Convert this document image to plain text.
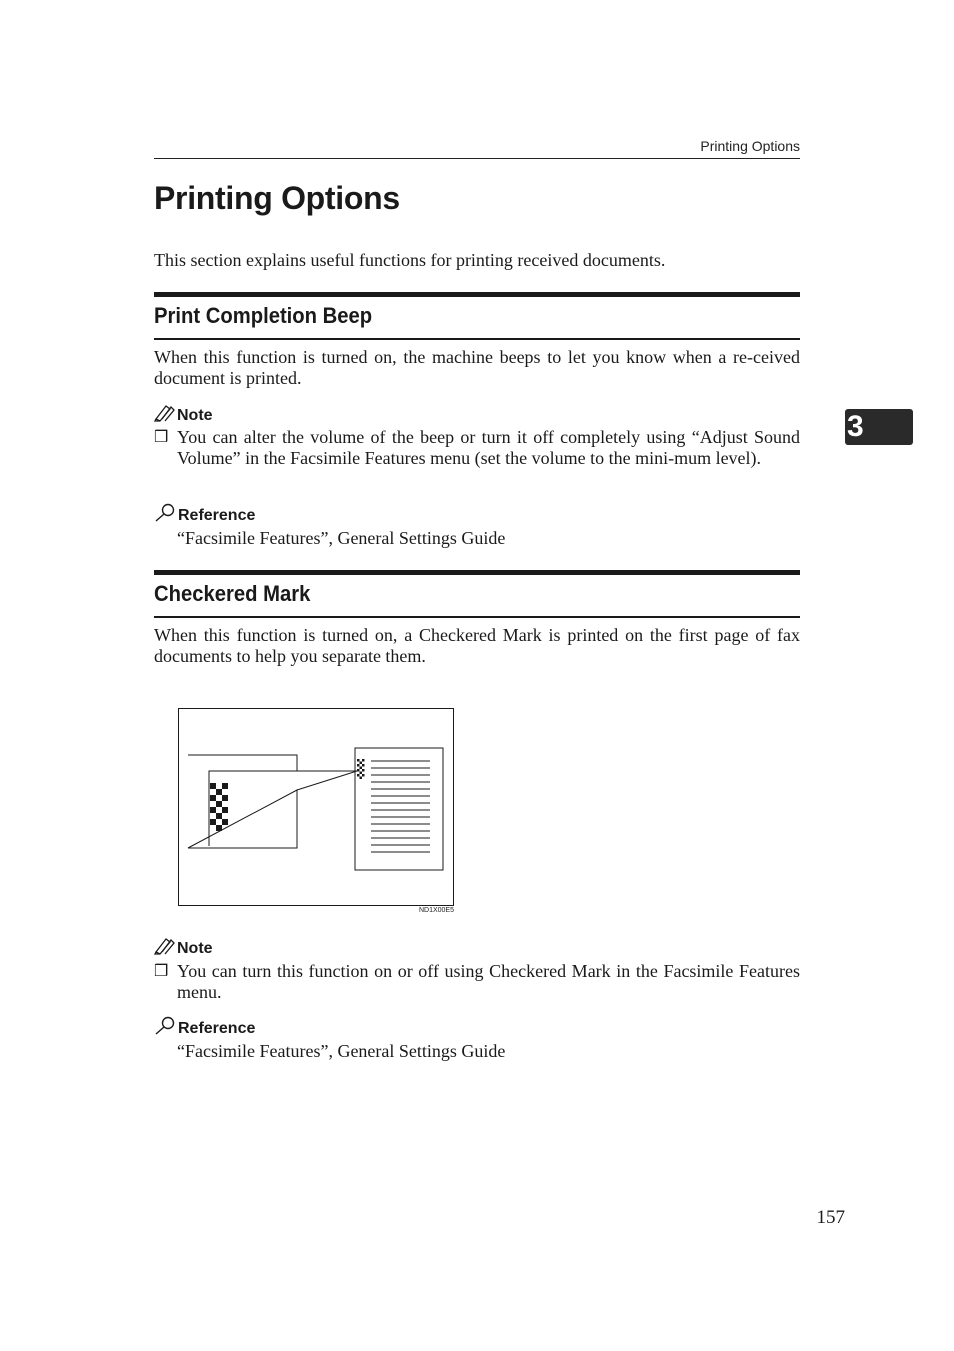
Printing Options
Printing Options

This section explains useful functions for printing received documents.

Print Completion Beep

When this function is turned on, the machine beeps to let you know when a re-ceived document is printed.

Note
❒ You can alter the volume of the beep or turn it off completely using “Adjust Sound Volume” in the Facsimile Features menu (set the volume to the mini-mum level).
Reference
“Facsimile Features”, General Settings Guide
Checkered Mark

When this function is turned on, a Checkered Mark is printed on the first page of fax documents to help you separate them.

ND1X00E5
Note
❒ You can turn this function on or off using Checkered Mark in the Facsimile Features menu.
Reference
“Facsimile Features”, General Settings Guide
3
157
